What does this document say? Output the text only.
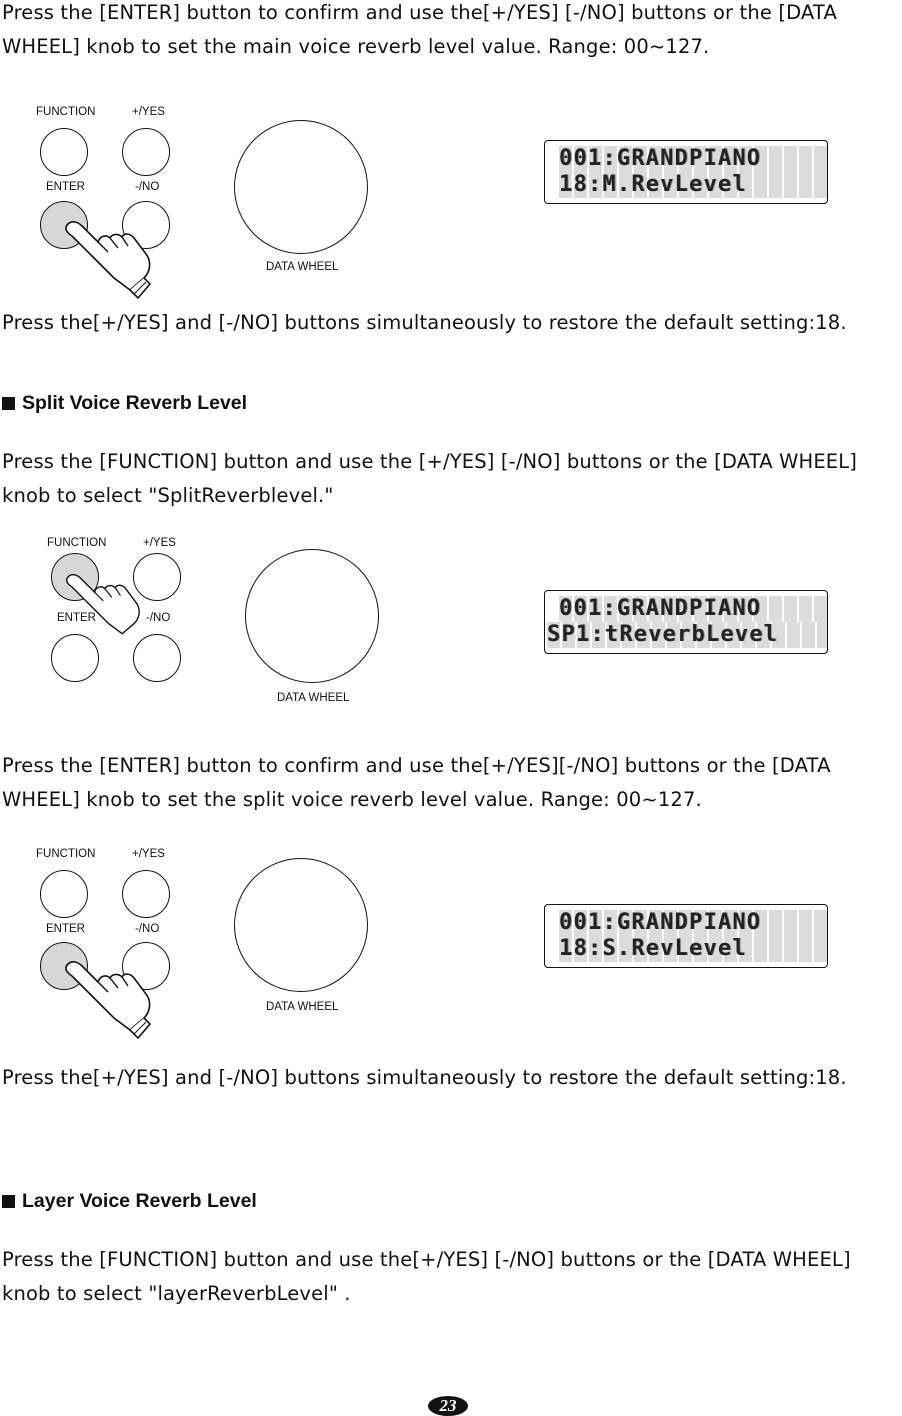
Press the [ENTER] button to confirm and use the[+/YES] [-/NO] buttons or the [DATA
WHEEL] knob to set the main voice reverb level value. Range: 00~127.
FUNCTION	+/YES
ENTER	-/NO
DATA WHEEL
001:GRANDPIANO
18:M.RevLevel
Press the[+/YES] and [-/NO] buttons simultaneously to restore the default setting:18.
Split Voice Reverb Level
Press the [FUNCTION] button and use the [+/YES] [-/NO] buttons or the [DATA WHEEL]
knob to select "SplitReverblevel."
FUNCTION	+/YES
ENTER	-/NO
DATA WHEEL
001:GRANDPIANO
SP1:tReverbLevel
Press the [ENTER] button to confirm and use the[+/YES][-/NO] buttons or the [DATA
WHEEL] knob to set the split voice reverb level value. Range: 00~127.
FUNCTION	+/YES
ENTER	-/NO
DATA WHEEL
001:GRANDPIANO
18:S.RevLevel
Press the[+/YES] and [-/NO] buttons simultaneously to restore the default setting:18.
Layer Voice Reverb Level
Press the [FUNCTION] button and use the[+/YES] [-/NO] buttons or the [DATA WHEEL]
knob to select "layerReverbLevel" .
23
